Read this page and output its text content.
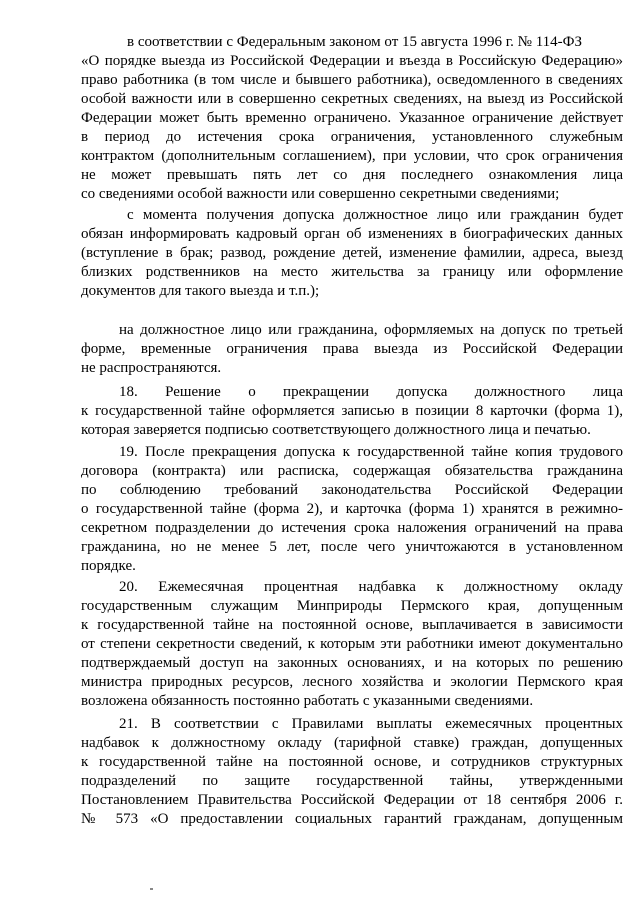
в соответствии с Федеральным законом от 15 августа 1996 г. № 114-ФЗ
«О порядке выезда из Российской Федерации и въезда в Российскую Федерацию»
право работника (в том числе и бывшего работника), осведомленного в сведениях
особой важности или в совершенно секретных сведениях, на выезд из Российской
Федерации может быть временно ограничено. Указанное ограничение действует
в период до истечения срока ограничения, установленного служебным
контрактом (дополнительным соглашением), при условии, что срок ограничения
не может превышать пять лет со дня последнего ознакомления лица
со сведениями особой важности или совершенно секретными сведениями;
с момента получения допуска должностное лицо или гражданин будет
обязан информировать кадровый орган об изменениях в биографических данных
(вступление в брак; развод, рождение детей, изменение фамилии, адреса, выезд
близких родственников на место жительства за границу или оформление
документов для такого выезда и т.п.);
на должностное лицо или гражданина, оформляемых на допуск по третьей
форме, временные ограничения права выезда из Российской Федерации
не распространяются.
18. Решение о прекращении допуска должностного лица
к государственной тайне оформляется записью в позиции 8 карточки (форма 1),
которая заверяется подписью соответствующего должностного лица и печатью.
19. После прекращения допуска к государственной тайне копия трудового
договора (контракта) или расписка, содержащая обязательства гражданина
по соблюдению требований законодательства Российской Федерации
о государственной тайне (форма 2), и карточка (форма 1) хранятся в режимно-
секретном подразделении до истечения срока наложения ограничений на права
гражданина, но не менее 5 лет, после чего уничтожаются в установленном
порядке.
20. Ежемесячная процентная надбавка к должностному окладу
государственным служащим Минприроды Пермского края, допущенным
к государственной тайне на постоянной основе, выплачивается в зависимости
от степени секретности сведений, к которым эти работники имеют документально
подтверждаемый доступ на законных основаниях, и на которых по решению
министра природных ресурсов, лесного хозяйства и экологии Пермского края
возложена обязанность постоянно работать с указанными сведениями.
21. В соответствии с Правилами выплаты ежемесячных процентных
надбавок к должностному окладу (тарифной ставке) граждан, допущенных
к государственной тайне на постоянной основе, и сотрудников структурных
подразделений по защите государственной тайны, утвержденными
Постановлением Правительства Российской Федерации от 18 сентября 2006 г.
№ 573 «О предоставлении социальных гарантий гражданам, допущенным
